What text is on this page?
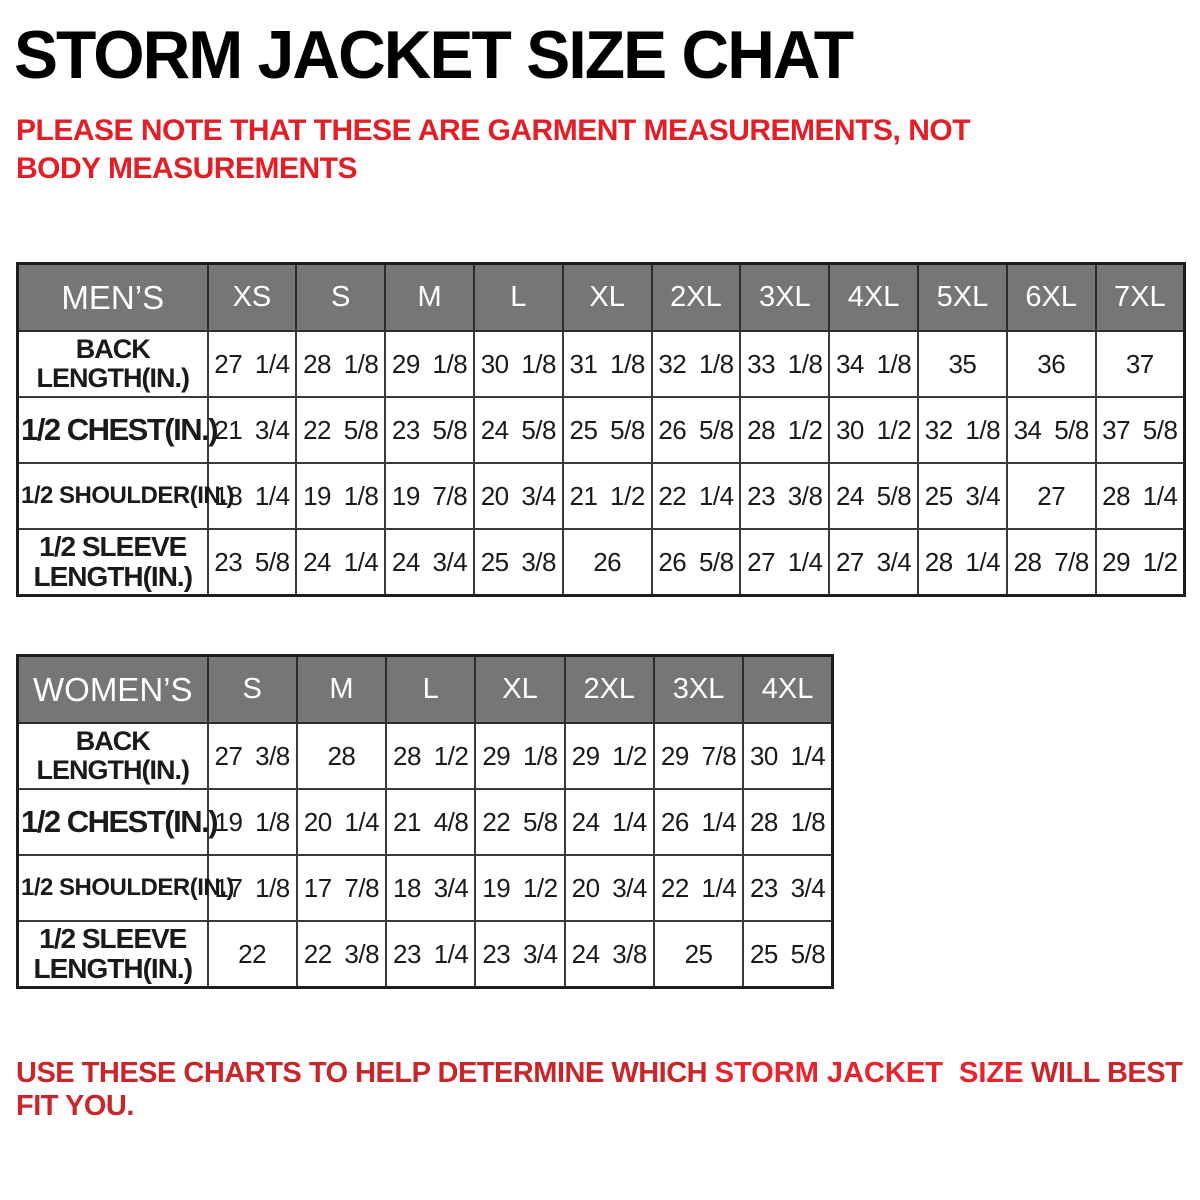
STORM JACKET SIZE CHAT
PLEASE NOTE THAT THESE ARE GARMENT MEASUREMENTS, NOT BODY MEASUREMENTS
MEN’S	XS	S	M	L	XL	2XL	3XL	4XL	5XL	6XL	7XL
BACK
LENGTH(IN.)	27 1/4	28 1/8	29 1/8	30 1/8	31 1/8	32 1/8	33 1/8	34 1/8	35	36	37
1/2 CHEST(IN.)	21 3/4	22 5/8	23 5/8	24 5/8	25 5/8	26 5/8	28 1/2	30 1/2	32 1/8	34 5/8	37 5/8
1/2 SHOULDER(IN.)	18 1/4	19 1/8	19 7/8	20 3/4	21 1/2	22 1/4	23 3/8	24 5/8	25 3/4	27	28 1/4
1/2 SLEEVE
LENGTH(IN.)	23 5/8	24 1/4	24 3/4	25 3/8	26	26 5/8	27 1/4	27 3/4	28 1/4	28 7/8	29 1/2
WOMEN’S	S	M	L	XL	2XL	3XL	4XL
BACK
LENGTH(IN.)	27 3/8	28	28 1/2	29 1/8	29 1/2	29 7/8	30 1/4
1/2 CHEST(IN.)	19 1/8	20 1/4	21 4/8	22 5/8	24 1/4	26 1/4	28 1/8
1/2 SHOULDER(IN.)	17 1/8	17 7/8	18 3/4	19 1/2	20 3/4	22 1/4	23 3/4
1/2 SLEEVE
LENGTH(IN.)	22	22 3/8	23 1/4	23 3/4	24 3/8	25	25 5/8
USE THESE CHARTS TO HELP DETERMINE WHICH STORM JACKET  SIZE WILL BEST FIT YOU.
